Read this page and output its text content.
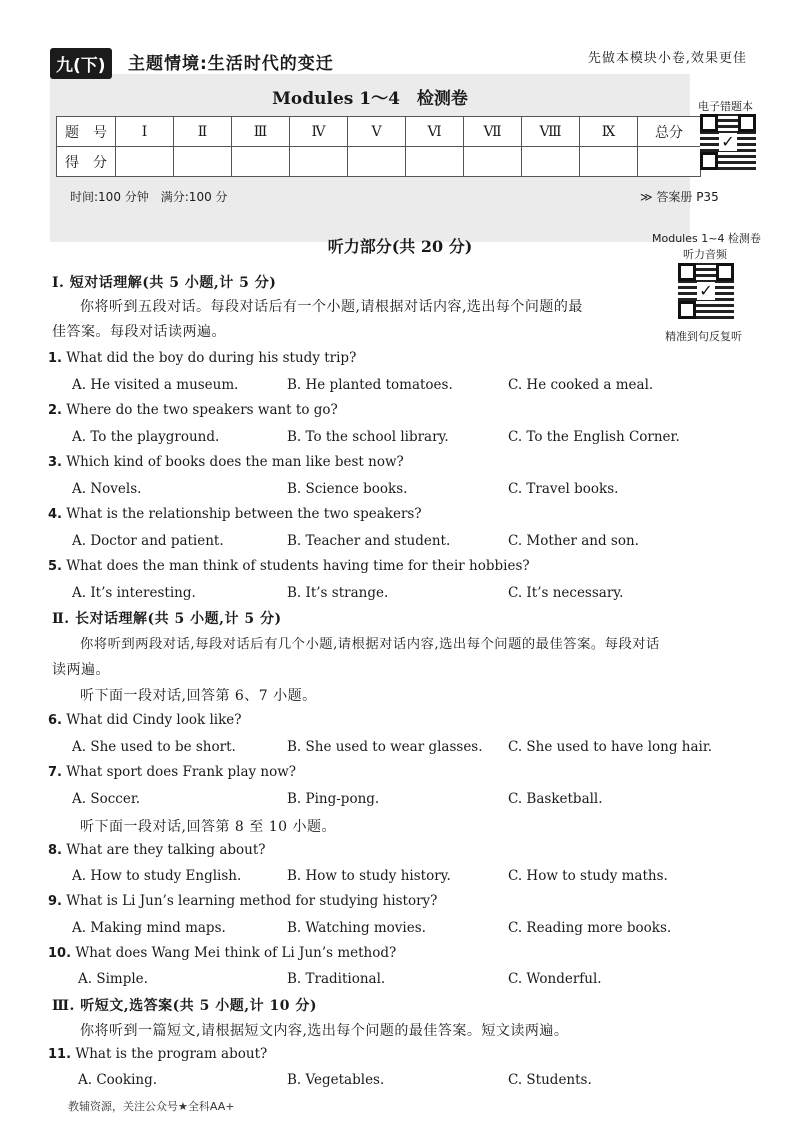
九(下)	主题情境:生活时代的变迁	先做本模块小卷,效果更佳
Modules 1～4　检测卷
题　号	Ⅰ	Ⅱ	Ⅲ	Ⅳ	Ⅴ	Ⅵ	Ⅶ	Ⅷ	Ⅸ	总分
得　分										
时间:100 分钟　满分:100 分	≫ 答案册 P35
电子错题本
✓
Modules 1~4 检测卷
听力音频
✓
精准到句反复听
听力部分(共 20 分)
Ⅰ. 短对话理解(共 5 小题,计 5 分)
你将听到五段对话。每段对话后有一个小题,请根据对话内容,选出每个问题的最
佳答案。每段对话读两遍。
1. What did the boy do during his study trip?
A. He visited a museum.	B. He planted tomatoes.	C. He cooked a meal.
2. Where do the two speakers want to go?
A. To the playground.	B. To the school library.	C. To the English Corner.
3. Which kind of books does the man like best now?
A. Novels.	B. Science books.	C. Travel books.
4. What is the relationship between the two speakers?
A. Doctor and patient.	B. Teacher and student.	C. Mother and son.
5. What does the man think of students having time for their hobbies?
A. It’s interesting.	B. It’s strange.	C. It’s necessary.
Ⅱ. 长对话理解(共 5 小题,计 5 分)
你将听到两段对话,每段对话后有几个小题,请根据对话内容,选出每个问题的最佳答案。每段对话
读两遍。
听下面一段对话,回答第 6、7 小题。
6. What did Cindy look like?
A. She used to be short.	B. She used to wear glasses. C. She used to have long hair.
7. What sport does Frank play now?
A. Soccer.	B. Ping-pong.	C. Basketball.
听下面一段对话,回答第 8 至 10 小题。
8. What are they talking about?
A. How to study English.	B. How to study history.	C. How to study maths.
9. What is Li Jun’s learning method for studying history?
A. Making mind maps.	B. Watching movies.	C. Reading more books.
10. What does Wang Mei think of Li Jun’s method?
A. Simple.	B. Traditional.	C. Wonderful.
Ⅲ. 听短文,选答案(共 5 小题,计 10 分)
你将听到一篇短文,请根据短文内容,选出每个问题的最佳答案。短文读两遍。
11. What is the program about?
A. Cooking.	B. Vegetables.	C. Students.
教辅资源，关注公众号★全科AA+
